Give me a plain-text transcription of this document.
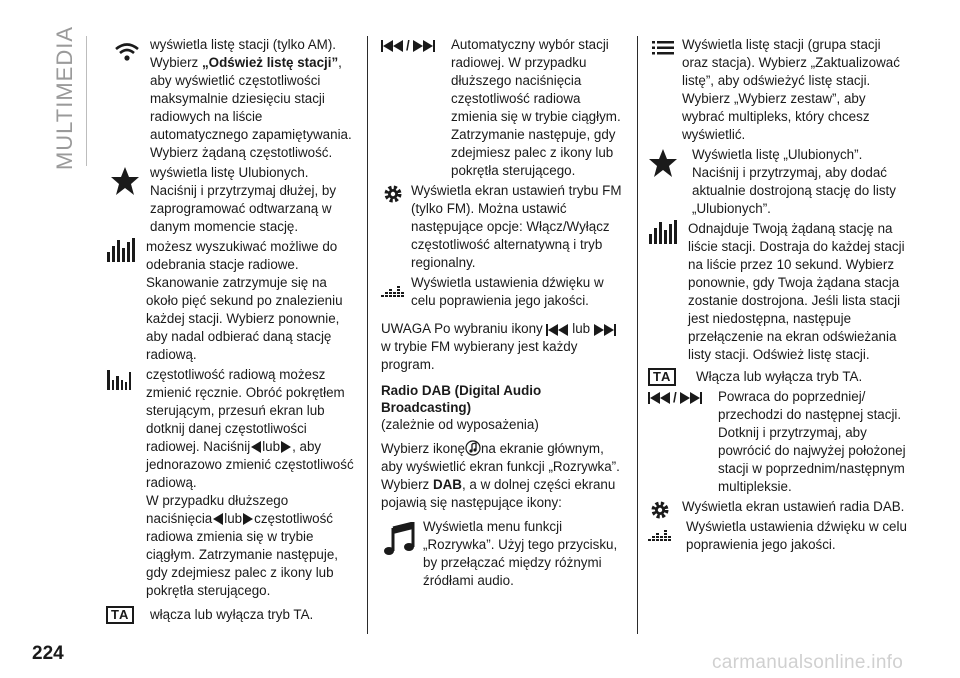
MULTIMEDIA
224	carmanualsonline.info

wyświetla listę stacji (tylko AM).

Wybierz „Odśwież listę stacji”,

aby wyświetlić częstotliwości maksymalnie dziesięciu stacji radiowych na liście automatycznego zapamiętywania. Wybierz żądaną częstotliwość.

wyświetla listę Ulubionych. Naciśnij i przytrzymaj dłużej, by zaprogramować odtwarzaną w danym momencie stację.

możesz wyszukiwać możliwe do odebrania stacje radiowe. Skanowanie zatrzymuje się na około pięć sekund po znalezieniu każdej stacji. Wybierz ponownie, aby nadal odbierać daną stację radiową.

częstotliwość radiową możesz zmienić ręcznie. Obróć pokrętłem sterującym, przesuń ekran lub dotknij danej częstotliwości radiowej. Naciśnij lub , aby jednorazowo zmienić częstotliwość radiową.

W przypadku dłuższego naciśnięcia lub częstotliwość radiowa zmienia się w trybie ciągłym. Zatrzymanie następuje, gdy zdejmiesz palec z ikony lub pokrętła sterującego.

TA	włącza lub wyłącza tryb TA.

/	Automatyczny wybór stacji radiowej. W przypadku dłuższego naciśnięcia częstotliwość radiowa zmienia się w trybie ciągłym. Zatrzymanie następuje, gdy zdejmiesz palec z ikony lub pokrętła sterującego.

Wyświetla ekran ustawień trybu FM (tylko FM). Można ustawić następujące opcje: Włącz/Wyłącz częstotliwość alternatywną i tryb regionalny.

Wyświetla ustawienia dźwięku w celu poprawienia jego jakości.

UWAGA Po wybraniu ikony lub
w trybie FM wybierany jest każdy program.

Radio DAB (Digital Audio Broadcasting)

(zależnie od wyposażenia)

Wybierz ikonę na ekranie głównym, aby wyświetlić ekran funkcji „Rozrywka”. Wybierz DAB, a w dolnej części ekranu pojawią się następujące ikony:

Wyświetla menu funkcji „Rozrywka”. Użyj tego przycisku, by przełączać między różnymi źródłami audio.

Wyświetla listę stacji (grupa stacji oraz stacja). Wybierz „Zaktualizować listę”, aby odświeżyć listę stacji. Wybierz „Wybierz zestaw”, aby wybrać multipleks, który chcesz wyświetlić.

Wyświetla listę „Ulubionych”. Naciśnij i przytrzymaj, aby dodać aktualnie dostrojoną stację do listy „Ulubionych”.

Odnajduje Twoją żądaną stację na liście stacji. Dostraja do każdej stacji na liście przez 10 sekund. Wybierz ponownie, gdy Twoja żądana stacja zostanie dostrojona. Jeśli lista stacji jest niedostępna, następuje przełączenie na ekran odświeżania listy stacji. Odśwież listę stacji.

TA	Włącza lub wyłącza tryb TA.

/	Powraca do poprzedniej/ przechodzi do następnej stacji. Dotknij i przytrzymaj, aby powrócić do najwyżej położonej stacji w poprzednim/następnym multipleksie.

Wyświetla ekran ustawień radia DAB.

Wyświetla ustawienia dźwięku w celu poprawienia jego jakości.
